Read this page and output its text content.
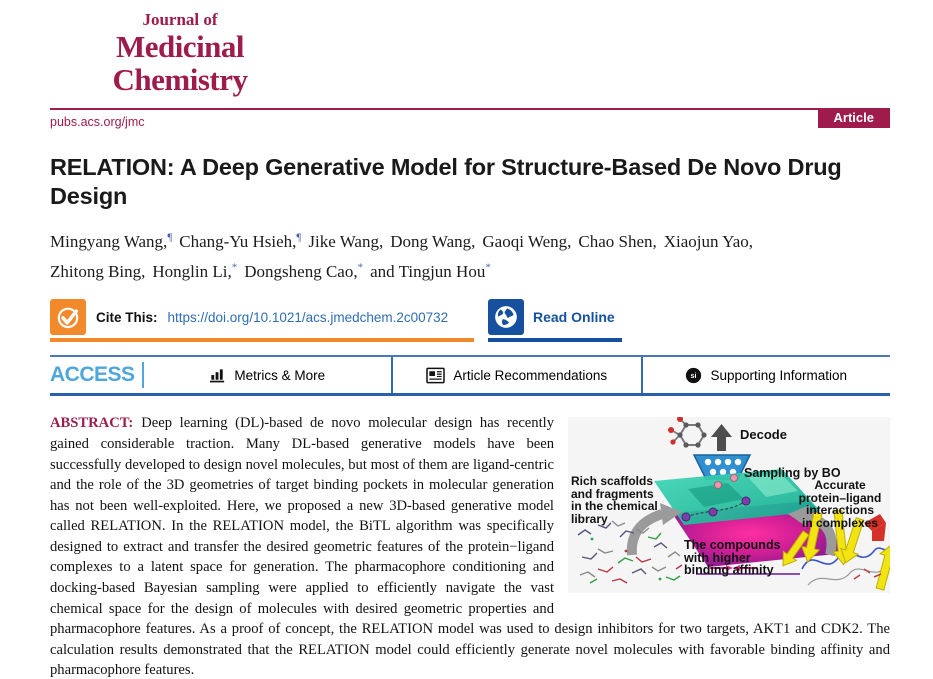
Journal of
Medicinal
Chemistry
Article
pubs.acs.org/jmc
RELATION: A Deep Generative Model for Structure-Based De Novo Drug Design
Mingyang Wang,¶ Chang-Yu Hsieh,¶ Jike Wang, Dong Wang, Gaoqi Weng, Chao Shen, Xiaojun Yao,
Zhitong Bing, Honglin Li,* Dongsheng Cao,* and Tingjun Hou*
Cite This: https://doi.org/10.1021/acs.jmedchem.2c00732	Read Online
ACCESS	Metrics & More	Article Recommendations	si Supporting Information
Decode
Sampling by BO
Rich scaffolds
and fragments
in the chemical
library
Accurate
protein–ligand
interactions
in complexes
The compounds
with higher
binding affinity

ABSTRACT: Deep learning (DL)-based de novo molecular design has recently gained considerable traction. Many DL-based generative models have been successfully developed to design novel molecules, but most of them are ligand-centric and the role of the 3D geometries of target binding pockets in molecular generation has not been well-exploited. Here, we proposed a new 3D-based generative model called RELATION. In the RELATION model, the BiTL algorithm was specifically designed to extract and transfer the desired geometric features of the protein−ligand complexes to a latent space for generation. The pharmacophore conditioning and docking-based Bayesian sampling were applied to efficiently navigate the vast chemical space for the design of molecules with desired geometric properties and pharmacophore features. As a proof of concept, the RELATION model was used to design inhibitors for two targets, AKT1 and CDK2. The calculation results demonstrated that the RELATION model could efficiently generate novel molecules with favorable binding affinity and pharmacophore features.
